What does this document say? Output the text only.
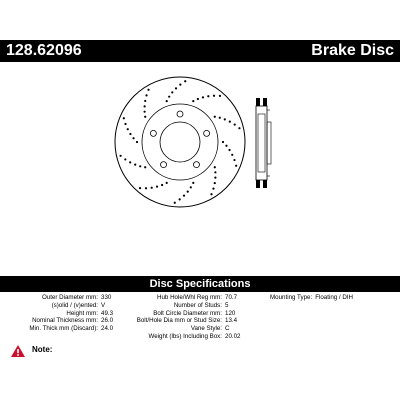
128.62096	Brake Disc
Disc Specifications
Outer Diameter mm: 330
(s)olid / (v)ented: V
Height mm: 49.3
Nominal Thickness mm: 26.0
Min. Thick mm (Discard): 24.0
Hub Hole/Whl Reg mm: 70.7
Number of Studs: 5
Bolt Circle Diameter mm: 120
Bolt/Hole Dia mm or Stud Size: 13.4
Vane Style: C
Weight (lbs) Including Box: 20.02
Mounting Type: Floating / DIH
Note:
